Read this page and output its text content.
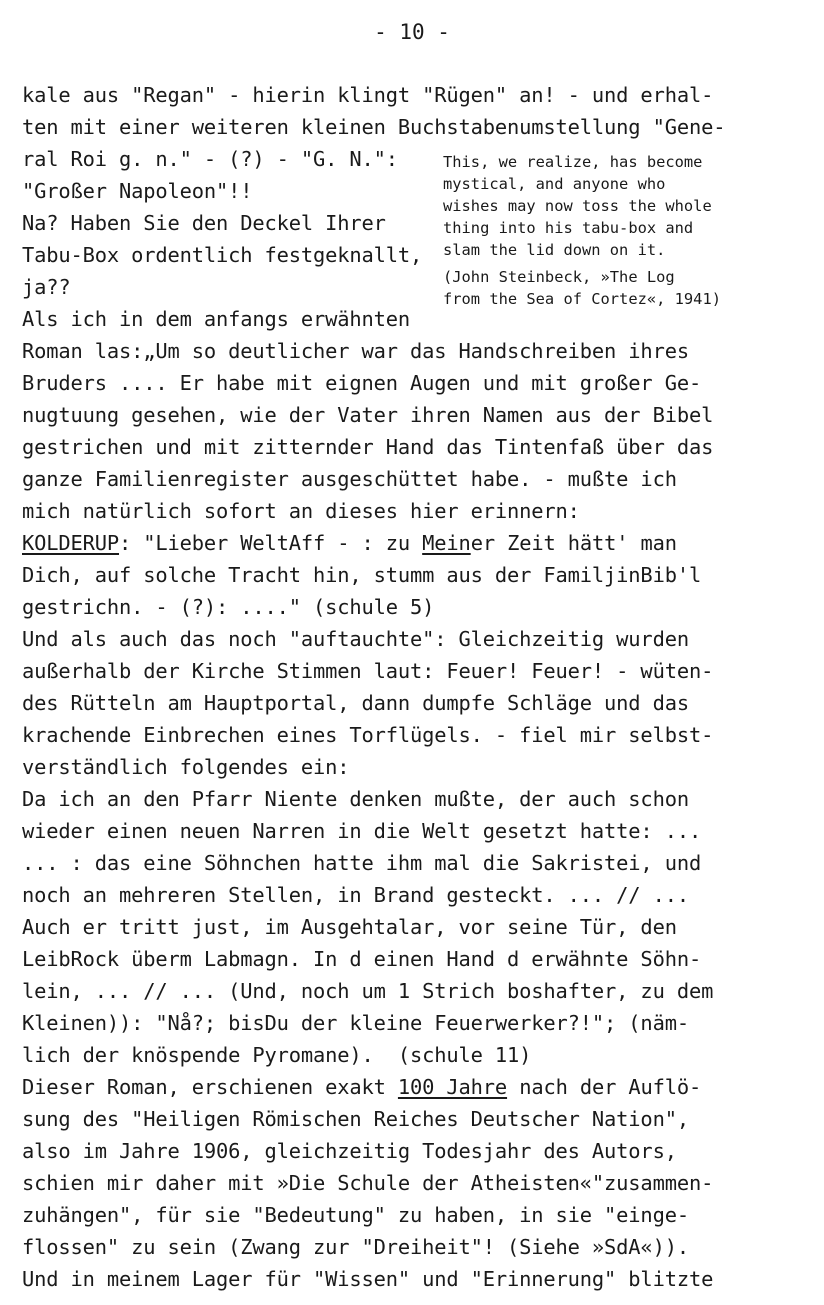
- 10 -

kale aus "Regan" - hierin klingt "Rügen" an! - und erhal-

ten mit einer weiteren kleinen Buchstabenumstellung "Gene-

ral Roi g. n." - (?) - "G. N.":

"Großer Napoleon"!!

Na? Haben Sie den Deckel Ihrer

Tabu-Box ordentlich festgeknallt,

ja??

Als ich in dem anfangs erwähnten

This, we realize, has become

mystical, and anyone who

wishes may now toss the whole

thing into his tabu-box and

slam the lid down on it.

(John Steinbeck, »The Log

from the Sea of Cortez«, 1941)

Roman las:„Um so deutlicher war das Handschreiben ihres

Bruders .... Er habe mit eignen Augen und mit großer Ge-

nugtuung gesehen, wie der Vater ihren Namen aus der Bibel

gestrichen und mit zitternder Hand das Tintenfaß über das

ganze Familienregister ausgeschüttet habe. - mußte ich

mich natürlich sofort an dieses hier erinnern:

KOLDERUP: "Lieber WeltAff - : zu Meiner Zeit hätt' man

Dich, auf solche Tracht hin, stumm aus der FamiljinBib'l

gestrichn. - (?): ...." (schule 5)

Und als auch das noch "auftauchte": Gleichzeitig wurden

außerhalb der Kirche Stimmen laut: Feuer! Feuer! - wüten-

des Rütteln am Hauptportal, dann dumpfe Schläge und das

krachende Einbrechen eines Torflügels. - fiel mir selbst-

verständlich folgendes ein:

Da ich an den Pfarr Niente denken mußte, der auch schon

wieder einen neuen Narren in die Welt gesetzt hatte: ...

... : das eine Söhnchen hatte ihm mal die Sakristei, und

noch an mehreren Stellen, in Brand gesteckt. ... // ...

Auch er tritt just, im Ausgehtalar, vor seine Tür, den

LeibRock überm Labmagn. In d einen Hand d erwähnte Söhn-

lein, ... // ... (Und, noch um 1 Strich boshafter, zu dem

Kleinen)): "Nå?; bisDu der kleine Feuerwerker?!"; (näm-

lich der knöspende Pyromane).  (schule 11)

Dieser Roman, erschienen exakt 100 Jahre nach der Auflö-

sung des "Heiligen Römischen Reiches Deutscher Nation",

also im Jahre 1906, gleichzeitig Todesjahr des Autors,

schien mir daher mit »Die Schule der Atheisten«"zusammen-

zuhängen", für sie "Bedeutung" zu haben, in sie "einge-

flossen" zu sein (Zwang zur "Dreiheit"! (Siehe »SdA«)).

Und in meinem Lager für "Wissen" und "Erinnerung" blitzte
